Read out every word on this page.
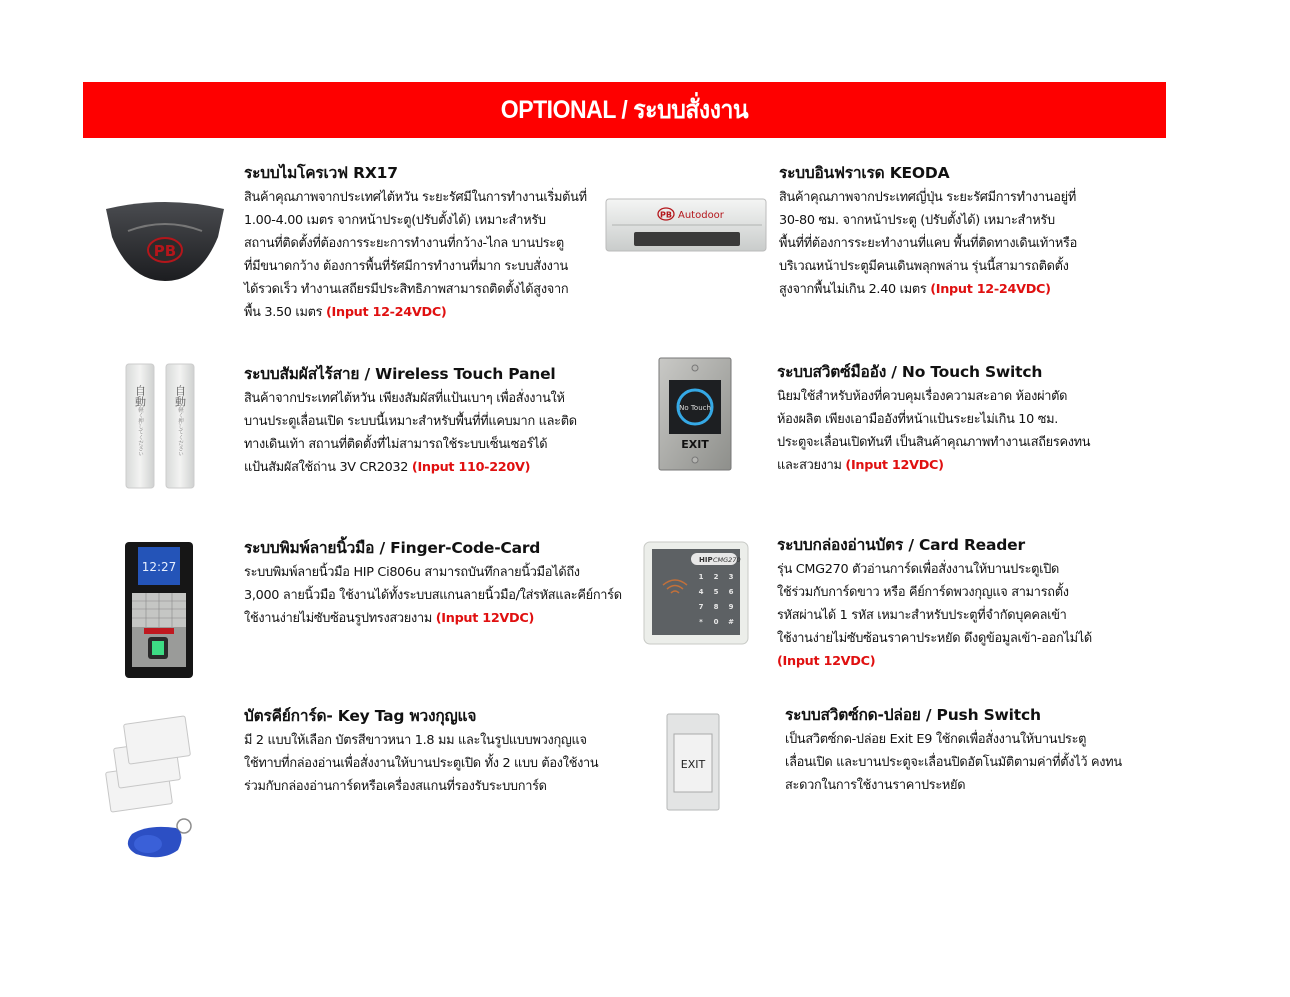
OPTIONAL / ระบบสั่งงาน
PB
ระบบไมโครเวฟ RX17

สินค้าคุณภาพจากประเทศไต้หวัน ระยะรัศมีในการทำงานเริ่มต้นที่
1.00-4.00 เมตร จากหน้าประตู(ปรับตั้งได้) เหมาะสำหรับ
สถานที่ติดตั้งที่ต้องการระยะการทำงานที่กว้าง-ไกล บานประตู
ที่มีขนาดกว้าง ต้องการพื้นที่รัศมีการทำงานที่มาก ระบบสั่งงาน
ได้รวดเร็ว ทำงานเสถียรมีประสิทธิภาพสามารถติดตั้งได้สูงจาก
พื้น 3.50 เมตร (Input 12-24VDC)

PB Autodoor
ระบบอินฟราเรด KEODA

สินค้าคุณภาพจากประเทศญี่ปุ่น ระยะรัศมีการทำงานอยู่ที่
30-80 ซม. จากหน้าประตู (ปรับตั้งได้) เหมาะสำหรับ
พื้นที่ที่ต้องการระยะทำงานที่แคบ พื้นที่ติดทางเดินเท้าหรือ
บริเวณหน้าประตูมีคนเดินพลุกพล่าน รุ่นนี้สามารถติดตั้ง
สูงจากพื้นไม่เกิน 2.40 เมตร (Input 12-24VDC)

自動 自動
軽く押してください	軽く押してください
ระบบสัมผัสไร้สาย / Wireless Touch Panel

สินค้าจากประเทศไต้หวัน เพียงสัมผัสที่แป้นเบาๆ เพื่อสั่งงานให้
บานประตูเลื่อนเปิด ระบบนี้เหมาะสำหรับพื้นที่ที่แคบมาก และติด
ทางเดินเท้า สถานที่ติดตั้งที่ไม่สามารถใช้ระบบเซ็นเซอร์ได้
แป้นสัมผัสใช้ถ่าน 3V CR2032 (Input 110-220V)

No Touch
EXIT
ระบบสวิตซ์มืออัง / No Touch Switch

นิยมใช้สำหรับห้องที่ควบคุมเรื่องความสะอาด ห้องผ่าตัด
ห้องผลิต เพียงเอามืออังที่หน้าแป้นระยะไม่เกิน 10 ซม.
ประตูจะเลื่อนเปิดทันที เป็นสินค้าคุณภาพทำงานเสถียรคงทน
และสวยงาม (Input 12VDC)

12:27
ระบบพิมพ์ลายนิ้วมือ / Finger-Code-Card

ระบบพิมพ์ลายนิ้วมือ HIP Ci806u สามารถบันทึกลายนิ้วมือได้ถึง
3,000 ลายนิ้วมือ ใช้งานได้ทั้งระบบสแกนลายนิ้วมือ/ใส่รหัสและคีย์การ์ด
ใช้งานง่ายไม่ซับซ้อนรูปทรงสวยงาม (Input 12VDC)

HIP CMG270
1 2 3
4 5 6
7 8 9
* 0 #
ระบบกล่องอ่านบัตร / Card Reader

รุ่น CMG270 ตัวอ่านการ์ดเพื่อสั่งงานให้บานประตูเปิด
ใช้ร่วมกับการ์ดขาว หรือ คีย์การ์ดพวงกุญแจ สามารถตั้ง
รหัสผ่านได้ 1 รหัส เหมาะสำหรับประตูที่จำกัดบุคคลเข้า
ใช้งานง่ายไม่ซับซ้อนราคาประหยัด ดึงดูข้อมูลเข้า-ออกไม่ได้
(Input 12VDC)

บัตรคีย์การ์ด- Key Tag พวงกุญแจ

มี 2 แบบให้เลือก บัตรสีขาวหนา 1.8 มม และในรูปแบบพวงกุญแจ
ใช้ทาบที่กล่องอ่านเพื่อสั่งงานให้บานประตูเปิด ทั้ง 2 แบบ ต้องใช้งาน
ร่วมกับกล่องอ่านการ์ดหรือเครื่องสแกนที่รองรับระบบการ์ด

EXIT
ระบบสวิตซ์กด-ปล่อย / Push Switch

เป็นสวิตซ์กด-ปล่อย Exit E9 ใช้กดเพื่อสั่งงานให้บานประตู
เลื่อนเปิด และบานประตูจะเลื่อนปิดอัตโนมัติตามค่าที่ตั้งไว้ คงทน
สะดวกในการใช้งานราคาประหยัด
